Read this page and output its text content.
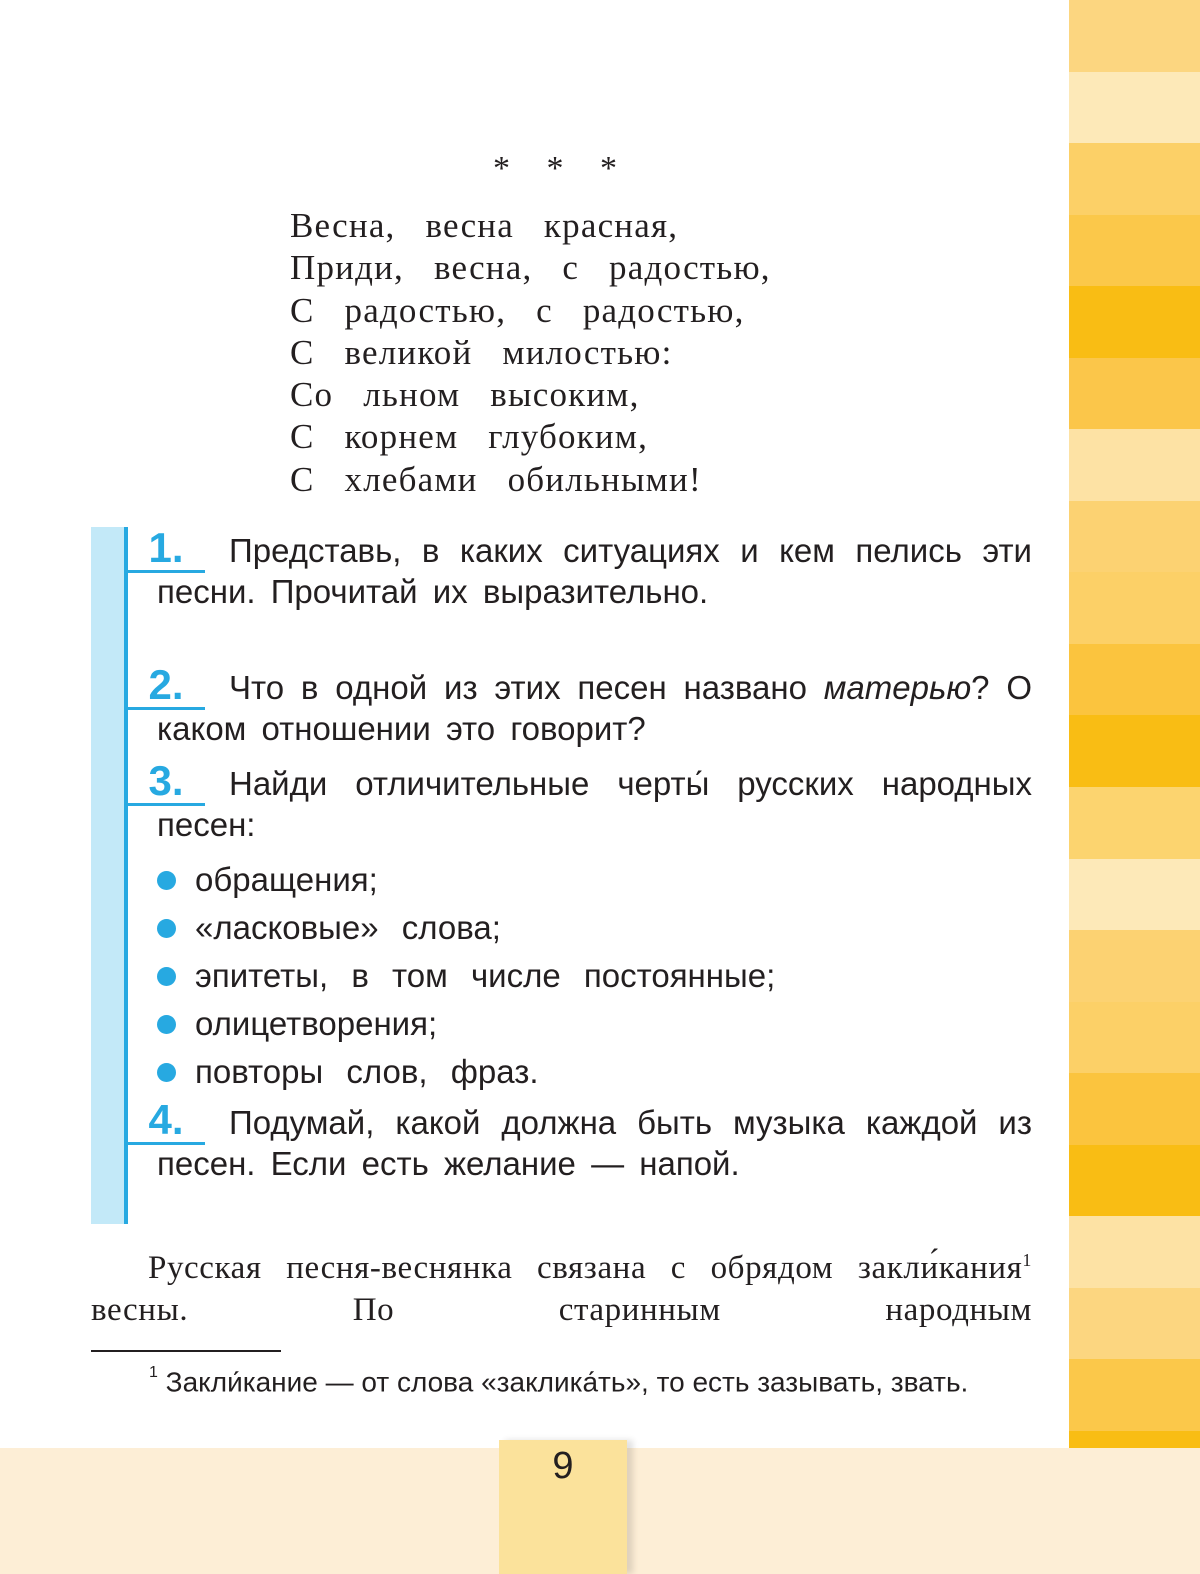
9
* * *
Весна, весна красная,
Приди, весна, с радостью,
С радостью, с радостью,
С великой милостью:
Со льном высоким,
С корнем глубоким,
С хлебами обильными!
1.	Представь, в каких ситуациях и кем пелись эти песни. Прочитай их выразительно.

2.	Что в одной из этих песен названо матерью? О каком отношении это говорит?

3.	Найди отличительные черты́ русских народных песен:

обращения;
«ласковые» слова;
эпитеты, в том числе постоянные;
олицетворения;
повторы слов, фраз.
4.	Подумай, какой должна быть музыка каждой из песен. Если есть желание — напой.

Русская песня-веснянка связана с обрядом закли́кания$^1$ весны. По старинным народным

$^1$ Закли́кание — от слова «заклика́ть», то есть зазывать, звать.
